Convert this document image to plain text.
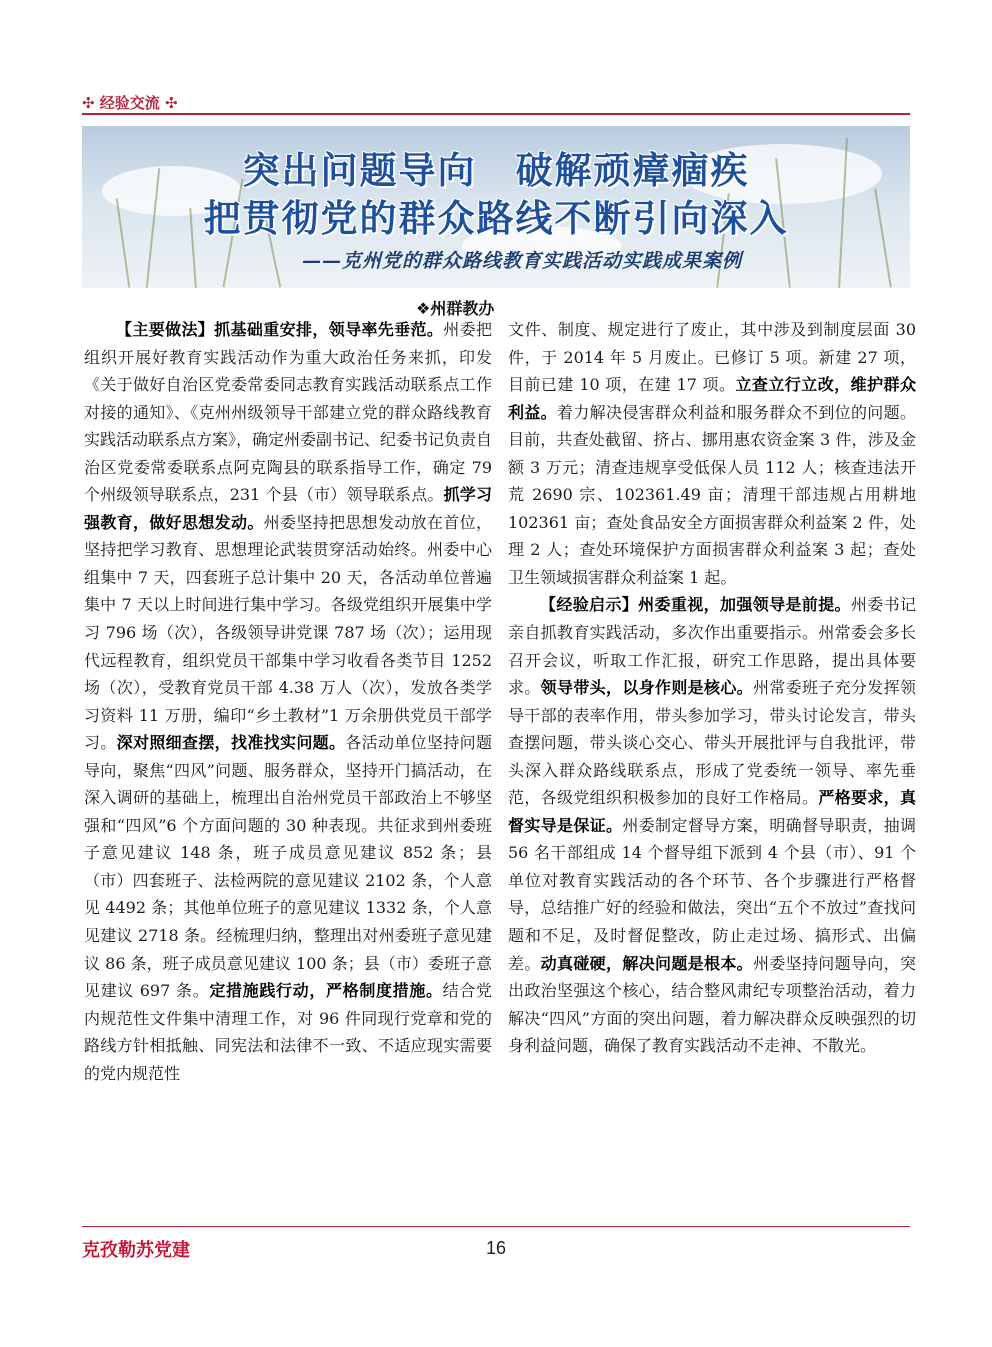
✣ 经验交流 ✣
突出问题导向　破解顽瘴痼疾
把贯彻党的群众路线不断引向深入
——克州党的群众路线教育实践活动实践成果案例
❖州群教办

【主要做法】抓基础重安排，领导率先垂范。州委把组织开展好教育实践活动作为重大政治任务来抓，印发《关于做好自治区党委常委同志教育实践活动联系点工作对接的通知》、《克州州级领导干部建立党的群众路线教育实践活动联系点方案》，确定州委副书记、纪委书记负责自治区党委常委联系点阿克陶县的联系指导工作，确定 79 个州级领导联系点，231 个县（市）领导联系点。抓学习强教育，做好思想发动。州委坚持把思想发动放在首位，坚持把学习教育、思想理论武装贯穿活动始终。州委中心组集中 7 天，四套班子总计集中 20 天，各活动单位普遍集中 7 天以上时间进行集中学习。各级党组织开展集中学习 796 场（次），各级领导讲党课 787 场（次）；运用现代远程教育，组织党员干部集中学习收看各类节目 1252 场（次），受教育党员干部 4.38 万人（次），发放各类学习资料 11 万册，编印“乡土教材”1 万余册供党员干部学习。深对照细查摆，找准找实问题。各活动单位坚持问题导向，聚焦“四风”问题、服务群众，坚持开门搞活动，在深入调研的基础上，梳理出自治州党员干部政治上不够坚强和“四风”6 个方面问题的 30 种表现。共征求到州委班子意见建议 148 条，班子成员意见建议 852 条；县（市）四套班子、法检两院的意见建议 2102 条，个人意见 4492 条；其他单位班子的意见建议 1332 条，个人意见建议 2718 条。经梳理归纳，整理出对州委班子意见建议 86 条，班子成员意见建议 100 条；县（市）委班子意见建议 697 条。定措施践行动，严格制度措施。结合党内规范性文件集中清理工作，对 96 件同现行党章和党的路线方针相抵触、同宪法和法律不一致、不适应现实需要的党内规范性

文件、制度、规定进行了废止，其中涉及到制度层面 30 件，于 2014 年 5 月废止。已修订 5 项。新建 27 项，目前已建 10 项，在建 17 项。立查立行立改，维护群众利益。着力解决侵害群众利益和服务群众不到位的问题。目前，共查处截留、挤占、挪用惠农资金案 3 件，涉及金额 3 万元；清查违规享受低保人员 112 人；核查违法开荒 2690 宗、102361.49 亩；清理干部违规占用耕地 102361 亩；查处食品安全方面损害群众利益案 2 件，处理 2 人；查处环境保护方面损害群众利益案 3 起；查处卫生领域损害群众利益案 1 起。

【经验启示】州委重视，加强领导是前提。州委书记亲自抓教育实践活动，多次作出重要指示。州常委会多长召开会议，听取工作汇报，研究工作思路，提出具体要求。领导带头，以身作则是核心。州常委班子充分发挥领导干部的表率作用，带头参加学习，带头讨论发言，带头查摆问题，带头谈心交心、带头开展批评与自我批评，带头深入群众路线联系点，形成了党委统一领导、率先垂范，各级党组织积极参加的良好工作格局。严格要求，真督实导是保证。州委制定督导方案，明确督导职责，抽调 56 名干部组成 14 个督导组下派到 4 个县（市）、91 个单位对教育实践活动的各个环节、各个步骤进行严格督导，总结推广好的经验和做法，突出“五个不放过”查找问题和不足，及时督促整改，防止走过场、搞形式、出偏差。动真碰硬，解决问题是根本。州委坚持问题导向，突出政治坚强这个核心，结合整风肃纪专项整治活动，着力解决“四风”方面的突出问题，着力解决群众反映强烈的切身利益问题，确保了教育实践活动不走神、不散光。

克孜勒苏党建	16
